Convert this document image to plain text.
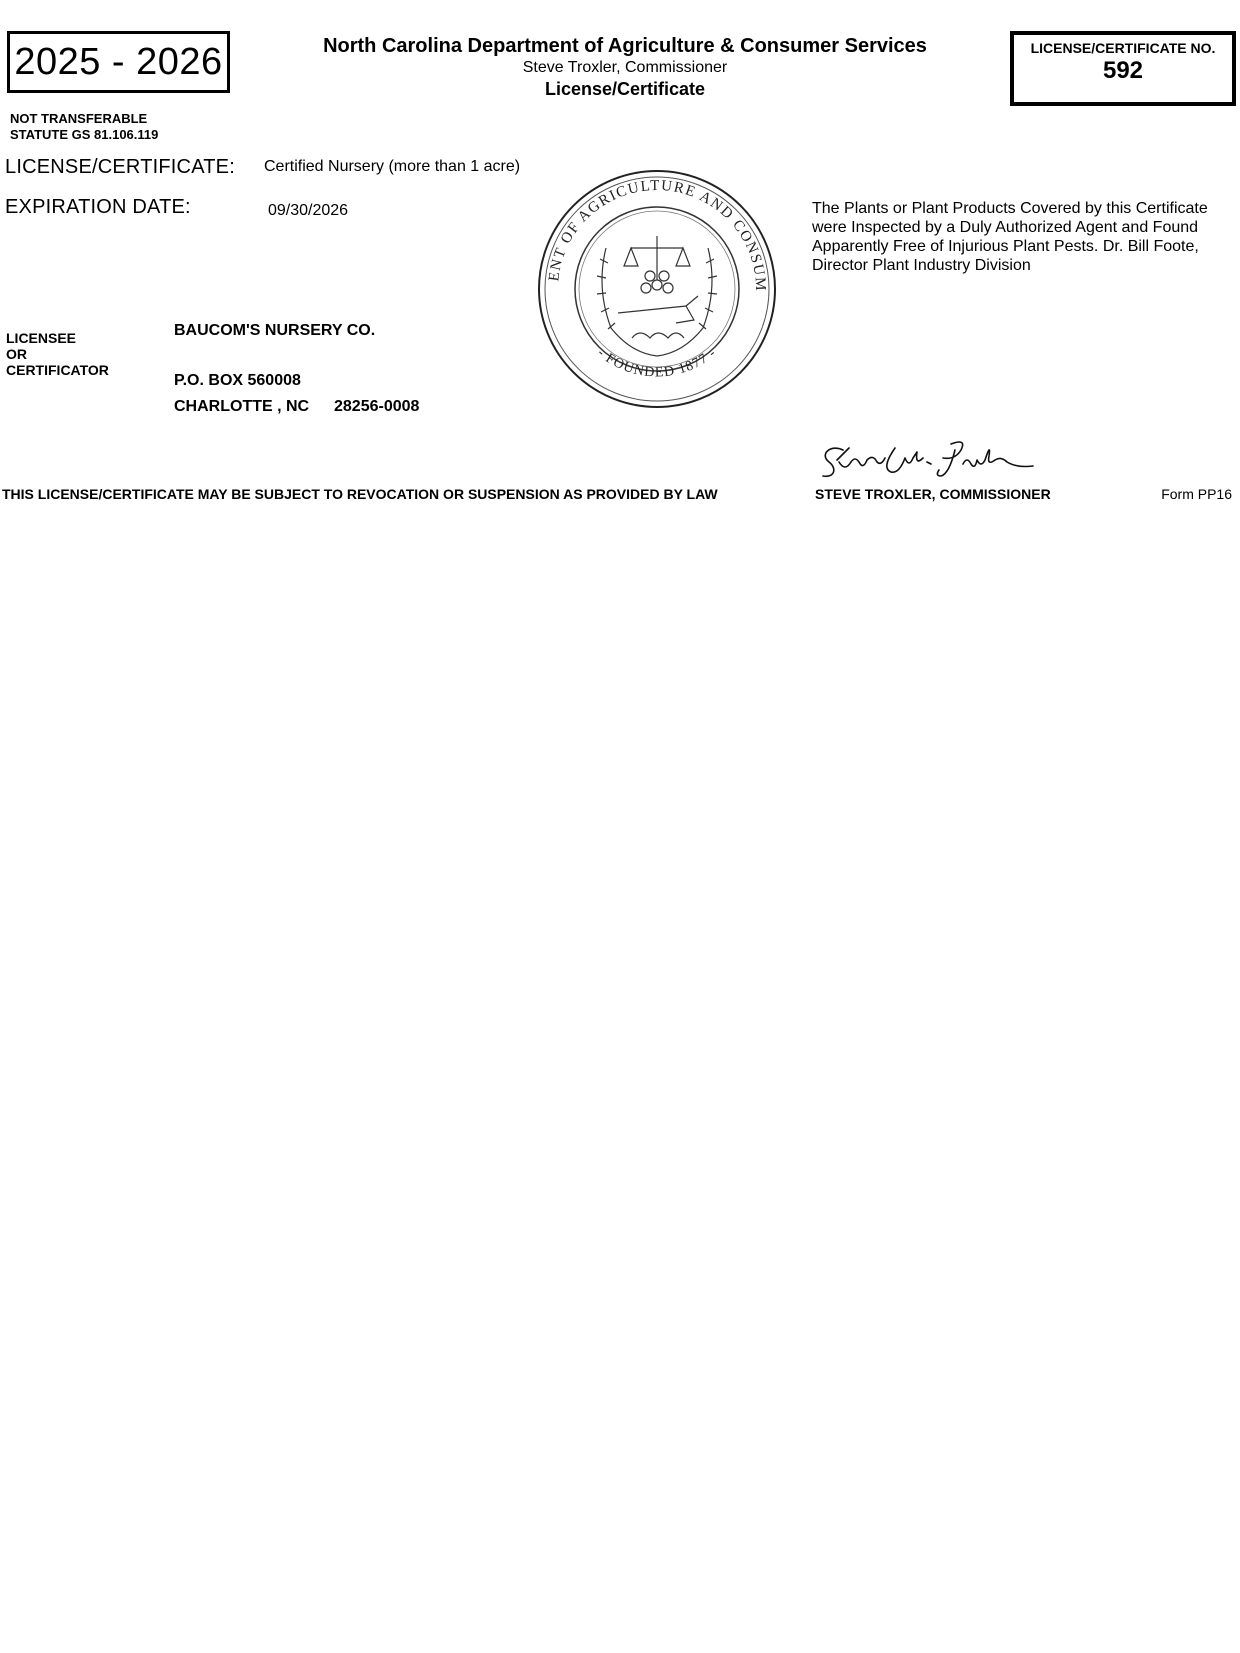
2025 - 2026	North Carolina Department of Agriculture & Consumer Services
Steve Troxler, Commissioner
License/Certificate
LICENSE/CERTIFICATE NO.
592
NOT TRANSFERABLE
STATUTE GS 81.106.119
LICENSE/CERTIFICATE: Certified Nursery (more than 1 acre)
EXPIRATION DATE:	09/30/2026
ENT OF AGRICULTURE AND CONSUM
- FOUNDED 1877 -
The Plants or Plant Products Covered by this Certificate
were Inspected by a Duly Authorized Agent and Found
Apparently Free of Injurious Plant Pests. Dr. Bill Foote,
Director Plant Industry Division
LICENSEE
OR
CERTIFICATOR
BAUCOM'S NURSERY CO.
P.O. BOX 560008
CHARLOTTE , NC 28256-0008
THIS LICENSE/CERTIFICATE MAY BE SUBJECT TO REVOCATION OR SUSPENSION AS PROVIDED BY LAW	STEVE TROXLER, COMMISSIONER	Form PP16
